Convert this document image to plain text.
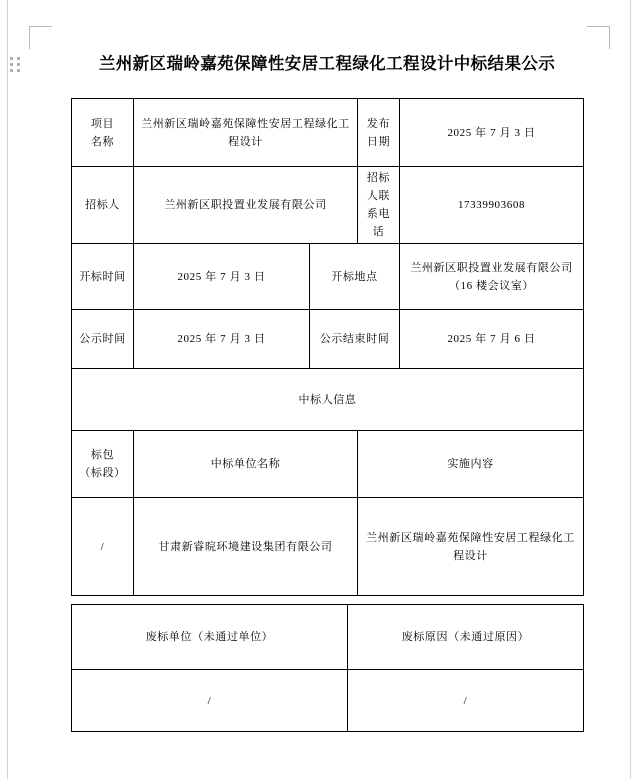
兰州新区瑞岭嘉苑保障性安居工程绿化工程设计中标结果公示
项目
名称	兰州新区瑞岭嘉苑保障性安居工程绿化工程设计		发布日期	2025 年 7 月 3 日
招标人	兰州新区职投置业发展有限公司		招标人联系电话	17339903608
开标时间	2025 年 7 月 3 日	开标地点		兰州新区职投置业发展有限公司（16 楼会议室）
公示时间	2025 年 7 月 3 日	公示结束时间		2025 年 7 月 6 日
中标人信息				

标包
（标段）	中标单位名称		实施内容	
/	甘肃新睿晥环境建设集团有限公司		兰州新区瑞岭嘉苑保障性安居工程绿化工程设计	
废标单位（未通过单位）	废标原因（未通过原因）
/	/
